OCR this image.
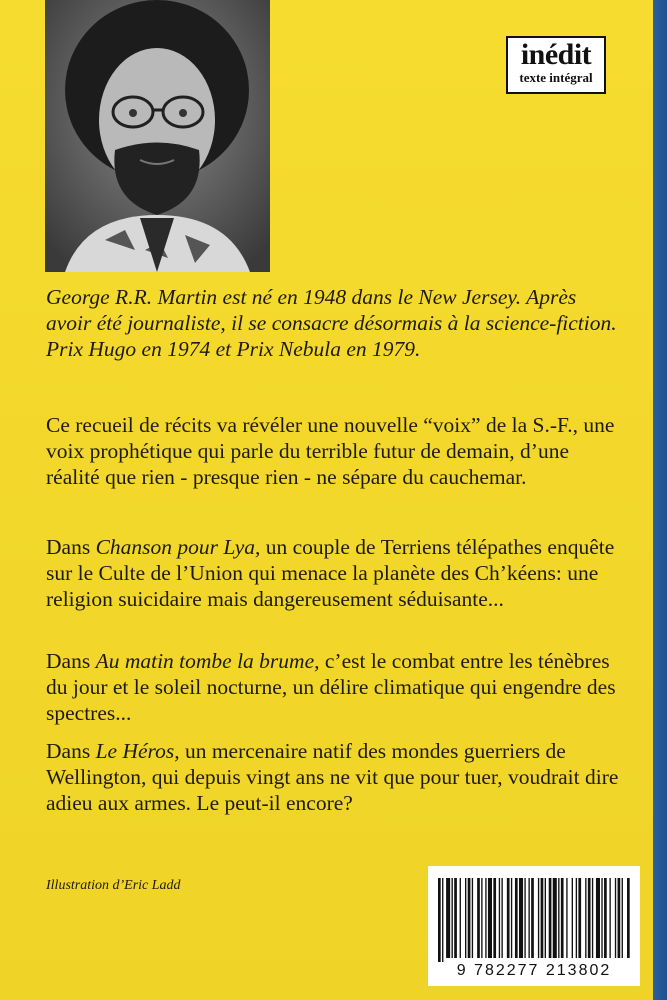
inédit
texte intégral
George R.R. Martin est né en 1948 dans le New Jersey. Après avoir été journaliste, il se consacre désormais à la science-fiction. Prix Hugo en 1974 et Prix Nebula en 1979.
Ce recueil de récits va révéler une nouvelle “voix” de la S.-F., une voix prophétique qui parle du terrible futur de demain, d’une réalité que rien - presque rien - ne sépare du cauchemar.
Dans Chanson pour Lya, un couple de Terriens télépathes enquête sur le Culte de l’Union qui menace la planète des Ch’kéens: une religion suicidaire mais dangereusement séduisante...
Dans Au matin tombe la brume, c’est le combat entre les ténèbres du jour et le soleil nocturne, un délire climatique qui engendre des spectres...
Dans Le Héros, un mercenaire natif des mondes guerriers de Wellington, qui depuis vingt ans ne vit que pour tuer, voudrait dire adieu aux armes. Le peut-il encore?
Illustration d’Eric Ladd
9 782277 213802
